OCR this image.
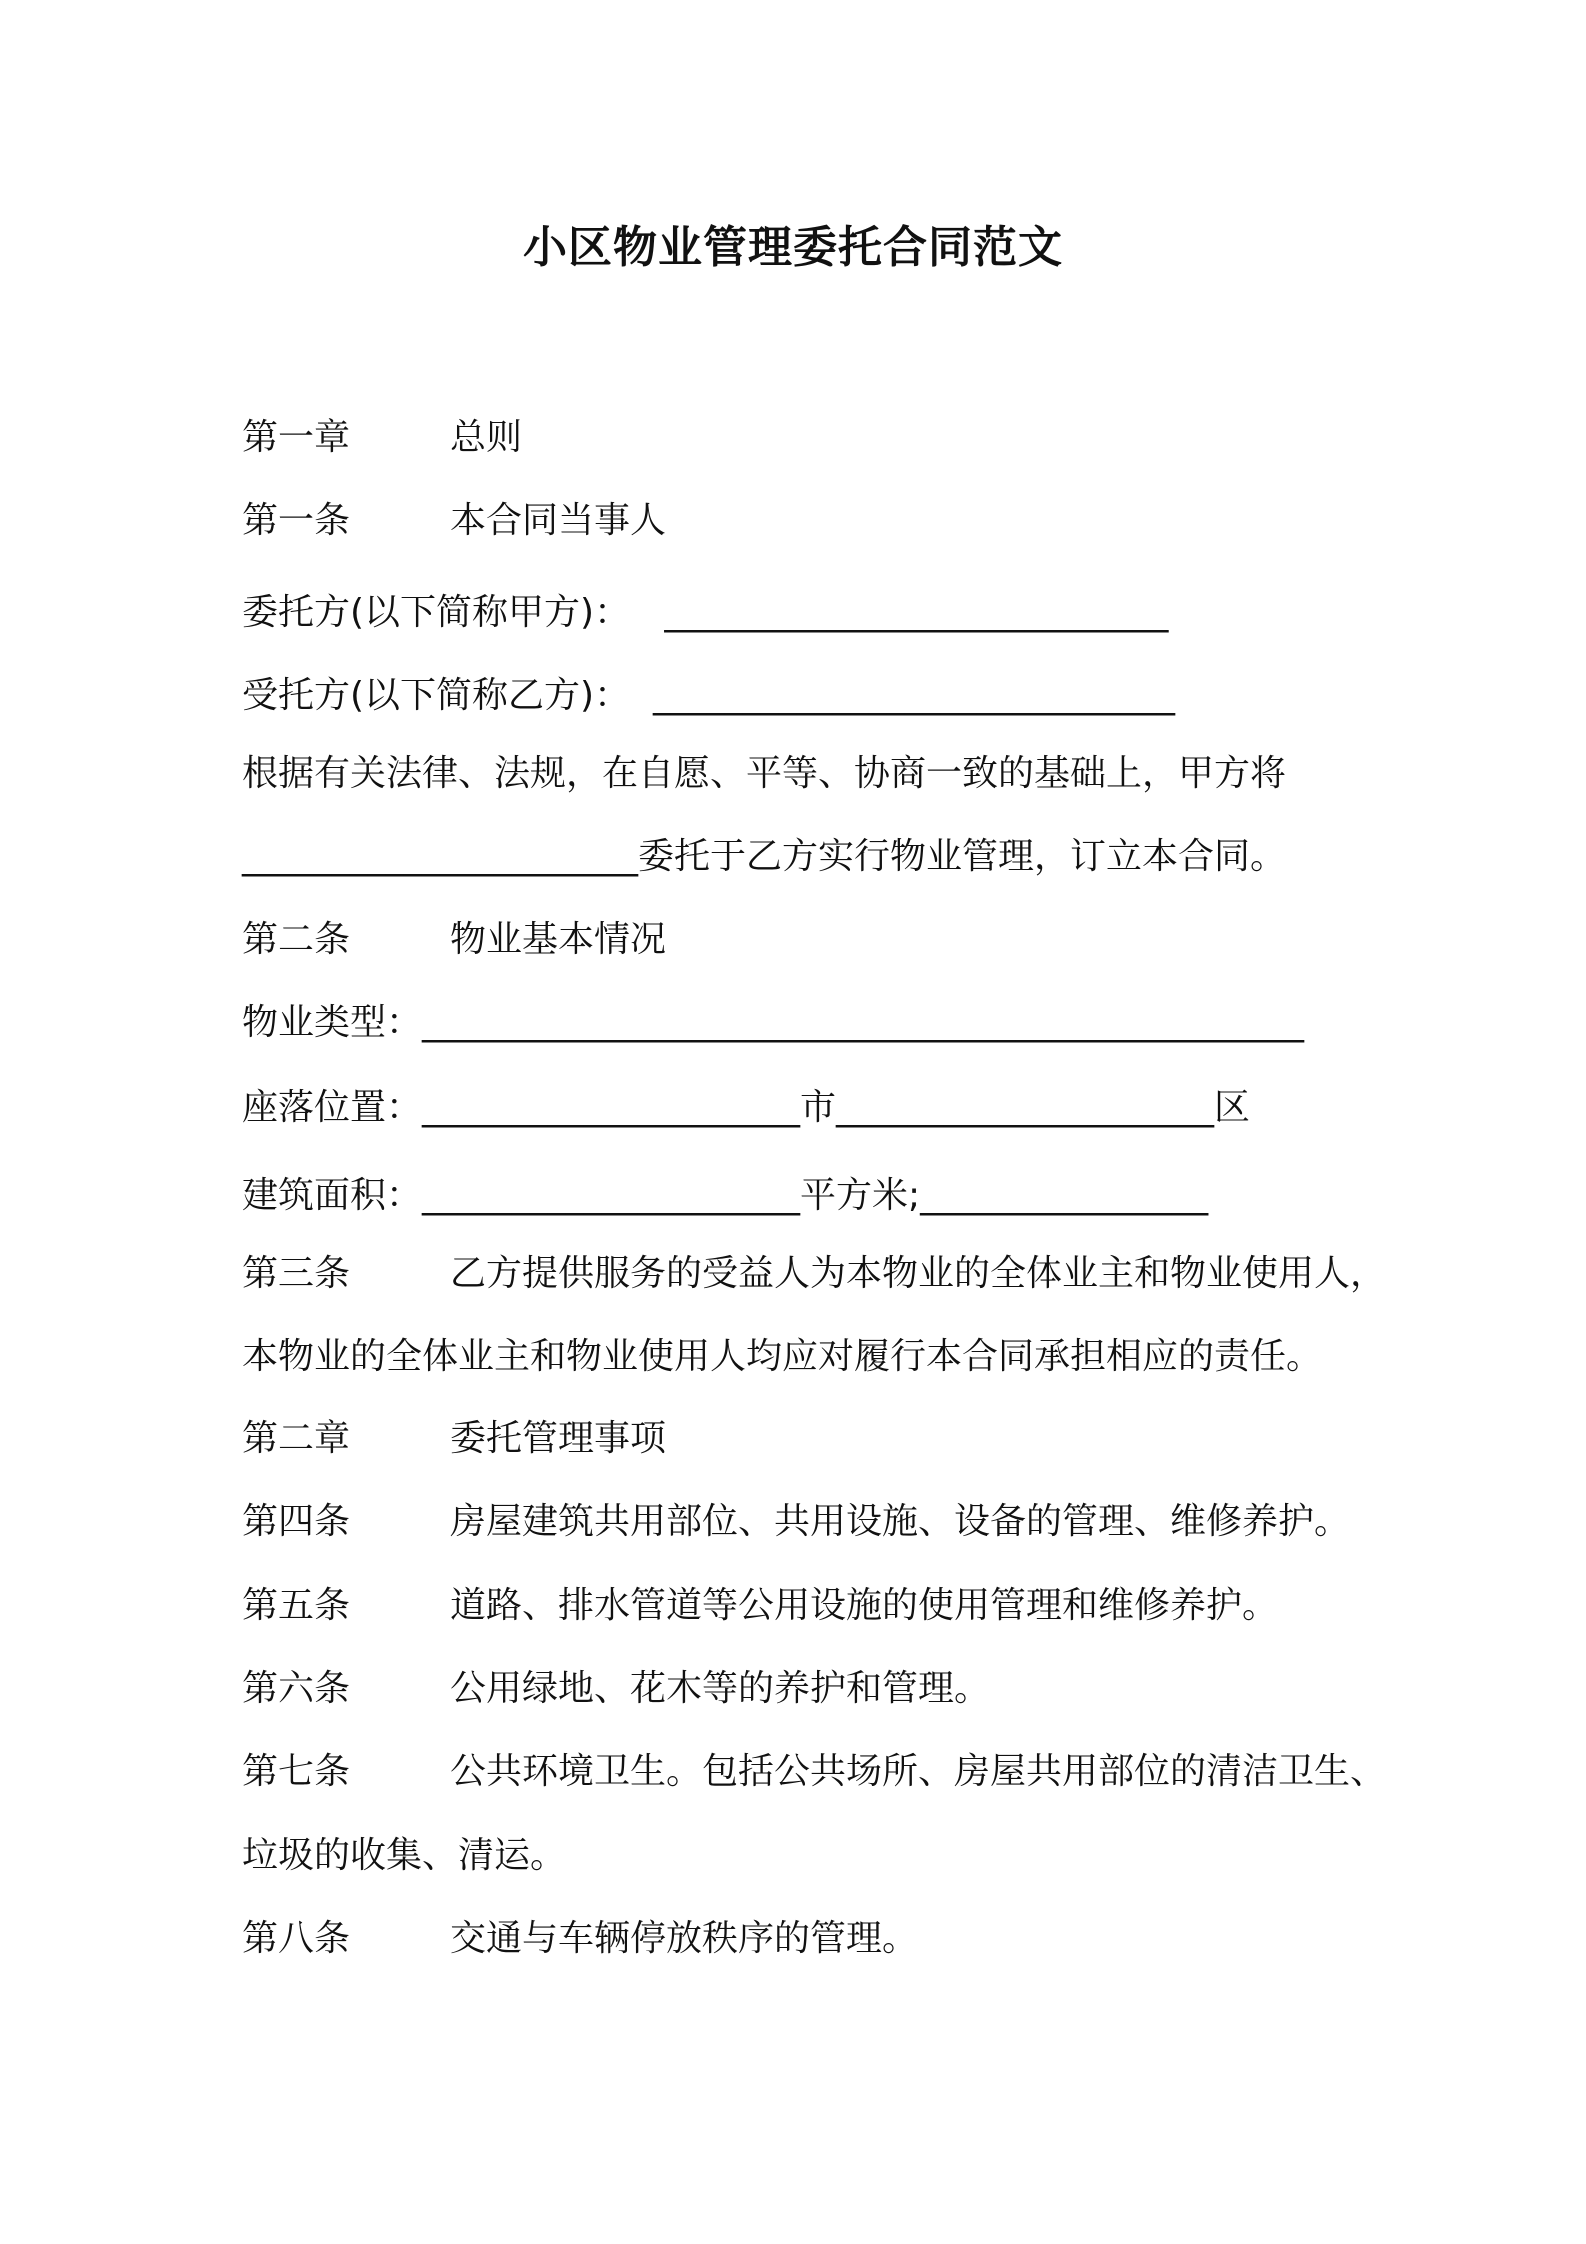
小区物业管理委托合同范文
第一章	总则
第一条	本合同当事人
委托方(以下简称甲方)：   ____________________________
受托方(以下简称乙方)：  _____________________________
根据有关法律、法规，在自愿、平等、协商一致的基础上，甲方将
______________________委托于乙方实行物业管理，订立本合同。
第二条	物业基本情况
物业类型：_________________________________________________
座落位置：_____________________市_____________________区
建筑面积：_____________________平方米;________________
第三条	乙方提供服务的受益人为本物业的全体业主和物业使用人，
本物业的全体业主和物业使用人均应对履行本合同承担相应的责任。
第二章	委托管理事项
第四条	房屋建筑共用部位、共用设施、设备的管理、维修养护。
第五条	道路、排水管道等公用设施的使用管理和维修养护。
第六条	公用绿地、花木等的养护和管理。
第七条	公共环境卫生。包括公共场所、房屋共用部位的清洁卫生、
垃圾的收集、清运。
第八条	交通与车辆停放秩序的管理。
